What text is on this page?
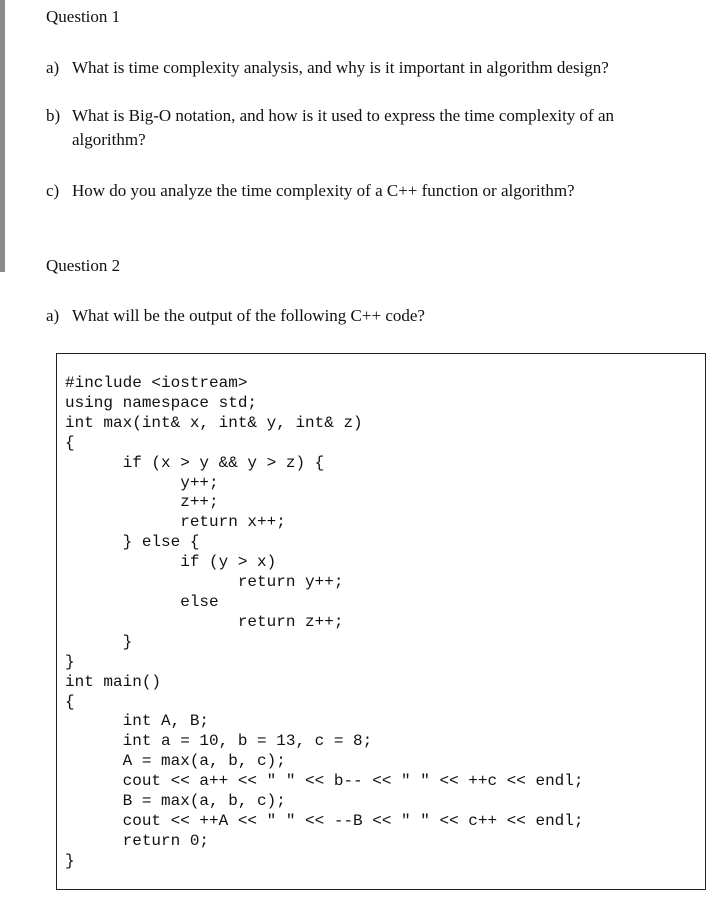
Question 1

a) What is time complexity analysis, and why is it important in algorithm design?

b) What is Big-O notation, and how is it used to express the time complexity of an
algorithm?

c) How do you analyze the time complexity of a C++ function or algorithm?

Question 2

a) What will be the output of the following C++ code?

#include <iostream>
using namespace std;
int max(int& x, int& y, int& z)
{
if (x > y && y > z) {
y++;
z++;
return x++;
} else {
if (y > x)
return y++;
else
return z++;
}
}
int main()
{
int A, B;
int a = 10, b = 13, c = 8;
A = max(a, b, c);
cout << a++ << " " << b-- << " " << ++c << endl;
B = max(a, b, c);
cout << ++A << " " << --B << " " << c++ << endl;
return 0;
}
